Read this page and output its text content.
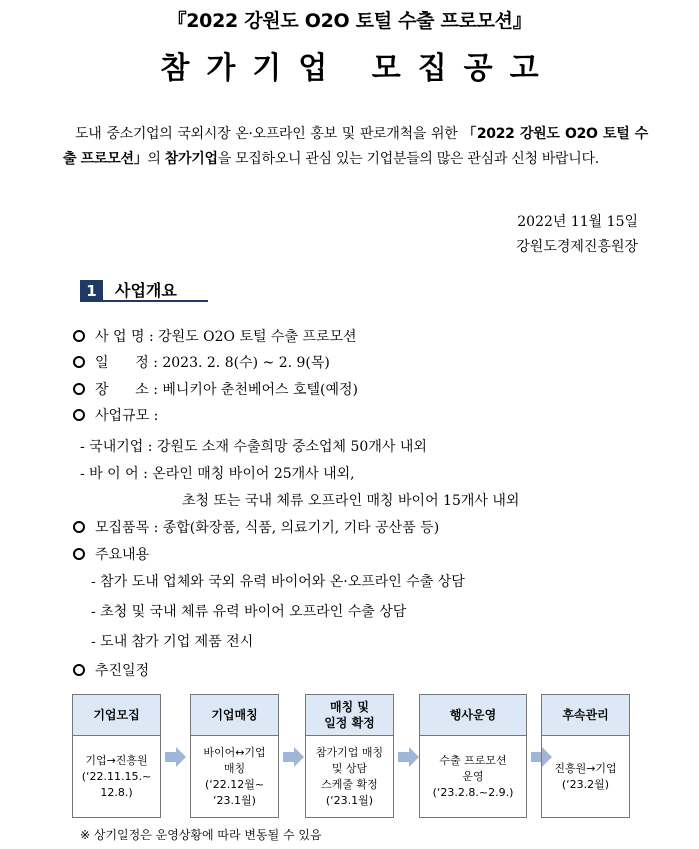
『2022 강원도 O2O 토털 수출 프로모션』
참가기업 모집공고
도내 중소기업의 국외시장 온·오프라인 홍보 및 판로개척을 위한 「2022 강원도 O2O 토털 수출 프로모션」의 참가기업을 모집하오니 관심 있는 기업분들의 많은 관심과 신청 바랍니다.
2022년 11월 15일
강원도경제진흥원장
1	사업개요
사 업 명 : 강원도 O2O 토털 수출 프로모션
일      정 : 2023. 2. 8(수) ~ 2. 9(목)
장      소 : 베니키아 춘천베어스 호텔(예정)
사업규모 :
- 국내기업 : 강원도 소재 수출희망 중소업체 50개사 내외
- 바 이 어 : 온라인 매칭 바이어 25개사 내외,
초청 또는 국내 체류 오프라인 매칭 바이어 15개사 내외
모집품목 : 종합(화장품, 식품, 의료기기, 기타 공산품 등)
주요내용
- 참가 도내 업체와 국외 유력 바이어와 온·오프라인 수출 상담
- 초청 및 국내 체류 유력 바이어 오프라인 수출 상담
- 도내 참가 기업 제품 전시
추진일정
기업모집
기업→진흥원
(‘22.11.15.~
12.8.)
기업매칭
바이어↔기업
매칭
(‘22.12월~
‘23.1월)
매칭 및
일정 확정
참가기업 매칭
및 상담
스케줄 확정
(‘23.1월)
행사운영
수출 프로모션
운영
(‘23.2.8.~2.9.)
후속관리
진흥원→기업
(‘23.2월)
※ 상기일정은 운영상황에 따라 변동될 수 있음
